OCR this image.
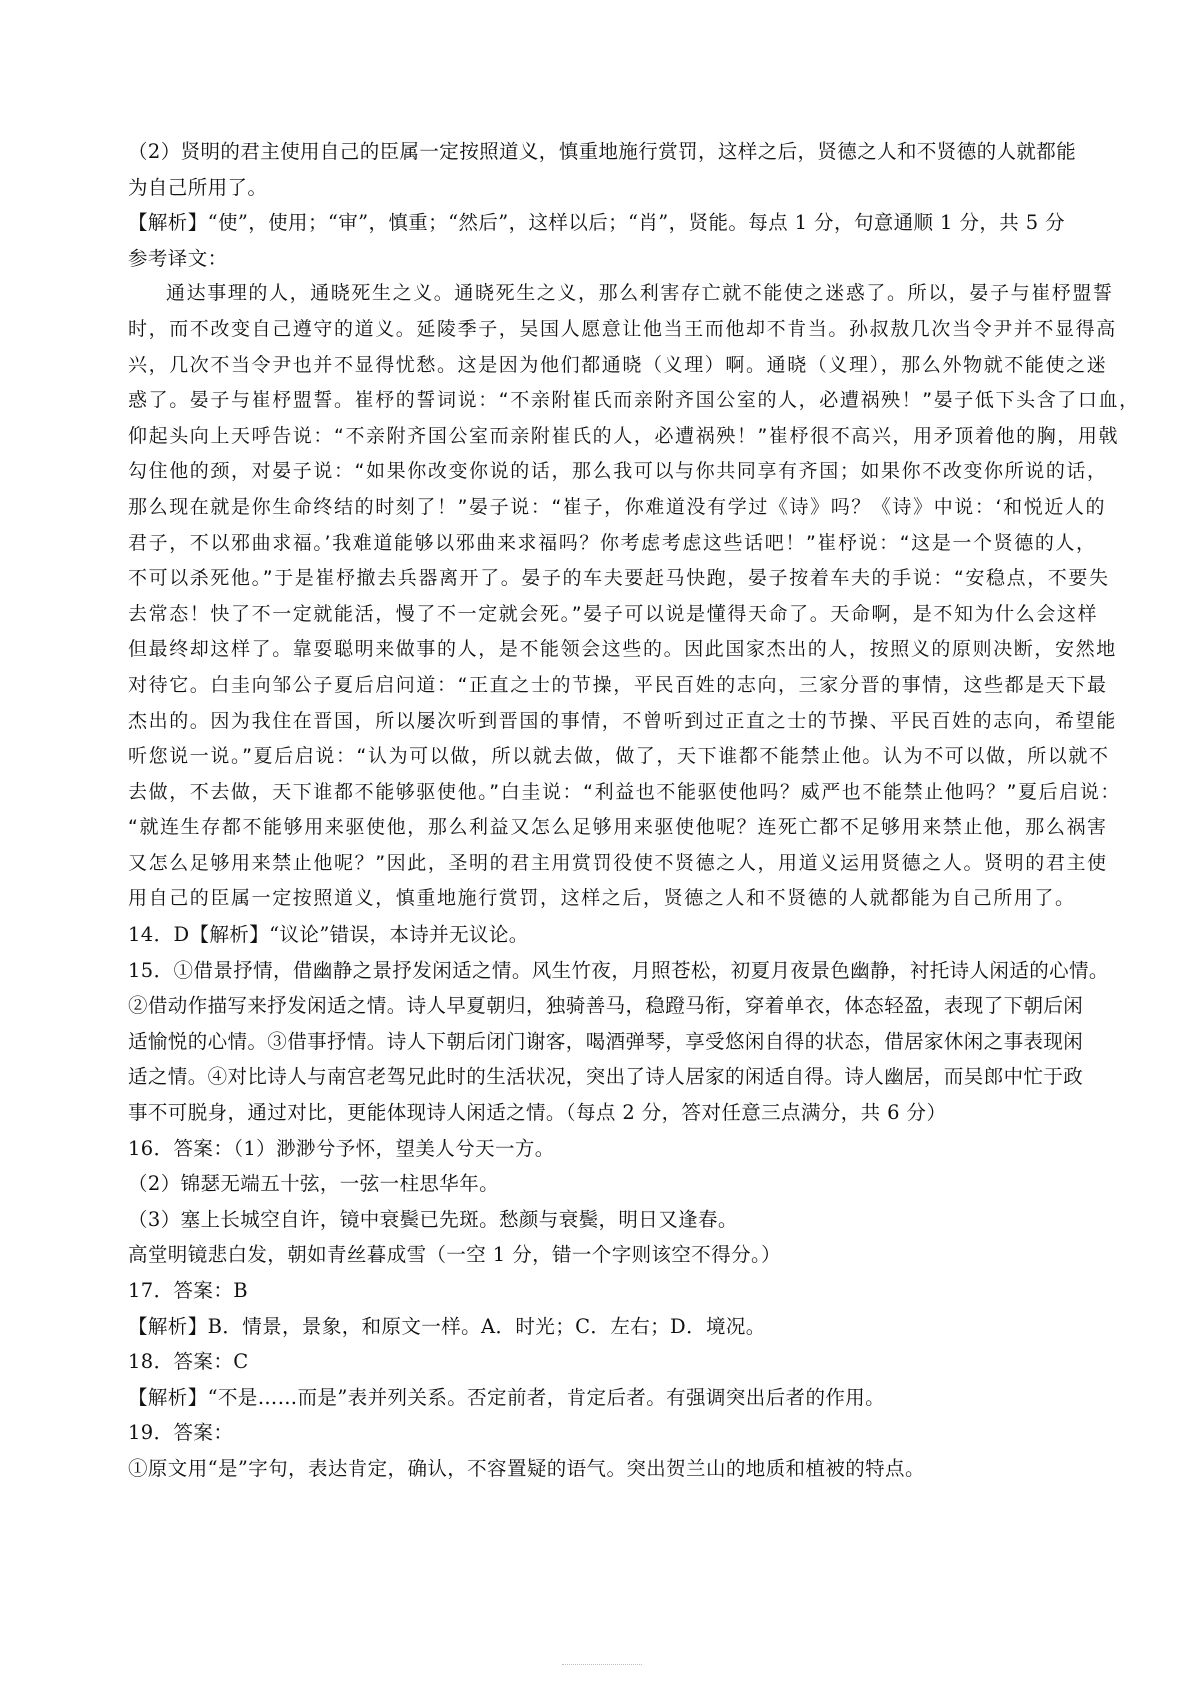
（2）贤明的君主使用自己的臣属一定按照道义，慎重地施行赏罚，这样之后，贤德之人和不贤德的人就都能
为自己所用了。
【解析】“使”，使用；“审”，慎重；“然后”，这样以后；“肖”，贤能。每点 1 分，句意通顺 1 分，共 5 分
参考译文：
通达事理的人，通晓死生之义。通晓死生之义，那么利害存亡就不能使之迷惑了。所以，晏子与崔杼盟誓
时，而不改变自己遵守的道义。延陵季子，吴国人愿意让他当王而他却不肯当。孙叔敖几次当令尹并不显得高
兴，几次不当令尹也并不显得忧愁。这是因为他们都通晓（义理）啊。通晓（义理），那么外物就不能使之迷
惑了。晏子与崔杼盟誓。崔杼的誓词说：“不亲附崔氏而亲附齐国公室的人，必遭祸殃！”晏子低下头含了口血，
仰起头向上天呼告说：“不亲附齐国公室而亲附崔氏的人，必遭祸殃！”崔杼很不高兴，用矛顶着他的胸，用戟
勾住他的颈，对晏子说：“如果你改变你说的话，那么我可以与你共同享有齐国；如果你不改变你所说的话，
那么现在就是你生命终结的时刻了！”晏子说：“崔子，你难道没有学过《诗》吗？《诗》中说：‘和悦近人的
君子，不以邪曲求福。’我难道能够以邪曲来求福吗？你考虑考虑这些话吧！”崔杼说：“这是一个贤德的人，
不可以杀死他。”于是崔杼撤去兵器离开了。晏子的车夫要赶马快跑，晏子按着车夫的手说：“安稳点，不要失
去常态！快了不一定就能活，慢了不一定就会死。”晏子可以说是懂得天命了。天命啊，是不知为什么会这样
但最终却这样了。靠耍聪明来做事的人，是不能领会这些的。因此国家杰出的人，按照义的原则决断，安然地
对待它。白圭向邹公子夏后启问道：“正直之士的节操，平民百姓的志向，三家分晋的事情，这些都是天下最
杰出的。因为我住在晋国，所以屡次听到晋国的事情，不曾听到过正直之士的节操、平民百姓的志向，希望能
听您说一说。”夏后启说：“认为可以做，所以就去做，做了，天下谁都不能禁止他。认为不可以做，所以就不
去做，不去做，天下谁都不能够驱使他。”白圭说：“利益也不能驱使他吗？威严也不能禁止他吗？”夏后启说：
“就连生存都不能够用来驱使他，那么利益又怎么足够用来驱使他呢？连死亡都不足够用来禁止他，那么祸害
又怎么足够用来禁止他呢？”因此，圣明的君主用赏罚役使不贤德之人，用道义运用贤德之人。贤明的君主使
用自己的臣属一定按照道义，慎重地施行赏罚，这样之后，贤德之人和不贤德的人就都能为自己所用了。
14．D【解析】“议论”错误，本诗并无议论。
15．①借景抒情，借幽静之景抒发闲适之情。风生竹夜，月照苍松，初夏月夜景色幽静，衬托诗人闲适的心情。
②借动作描写来抒发闲适之情。诗人早夏朝归，独骑善马，稳蹬马衔，穿着单衣，体态轻盈，表现了下朝后闲
适愉悦的心情。③借事抒情。诗人下朝后闭门谢客，喝酒弹琴，享受悠闲自得的状态，借居家休闲之事表现闲
适之情。④对比诗人与南宫老驾兄此时的生活状况，突出了诗人居家的闲适自得。诗人幽居，而吴郎中忙于政
事不可脱身，通过对比，更能体现诗人闲适之情。（每点 2 分，答对任意三点满分，共 6 分）
16．答案：（1）渺渺兮予怀，望美人兮天一方。
（2）锦瑟无端五十弦，一弦一柱思华年。
（3）塞上长城空自许，镜中衰鬓已先斑。愁颜与衰鬓，明日又逢春。
高堂明镜悲白发，朝如青丝暮成雪（一空 1 分，错一个字则该空不得分。）
17．答案：B
【解析】B．情景，景象，和原文一样。A．时光；C．左右；D．境况。
18．答案：C
【解析】“不是……而是”表并列关系。否定前者，肯定后者。有强调突出后者的作用。
19．答案：
①原文用“是”字句，表达肯定，确认，不容置疑的语气。突出贺兰山的地质和植被的特点。
